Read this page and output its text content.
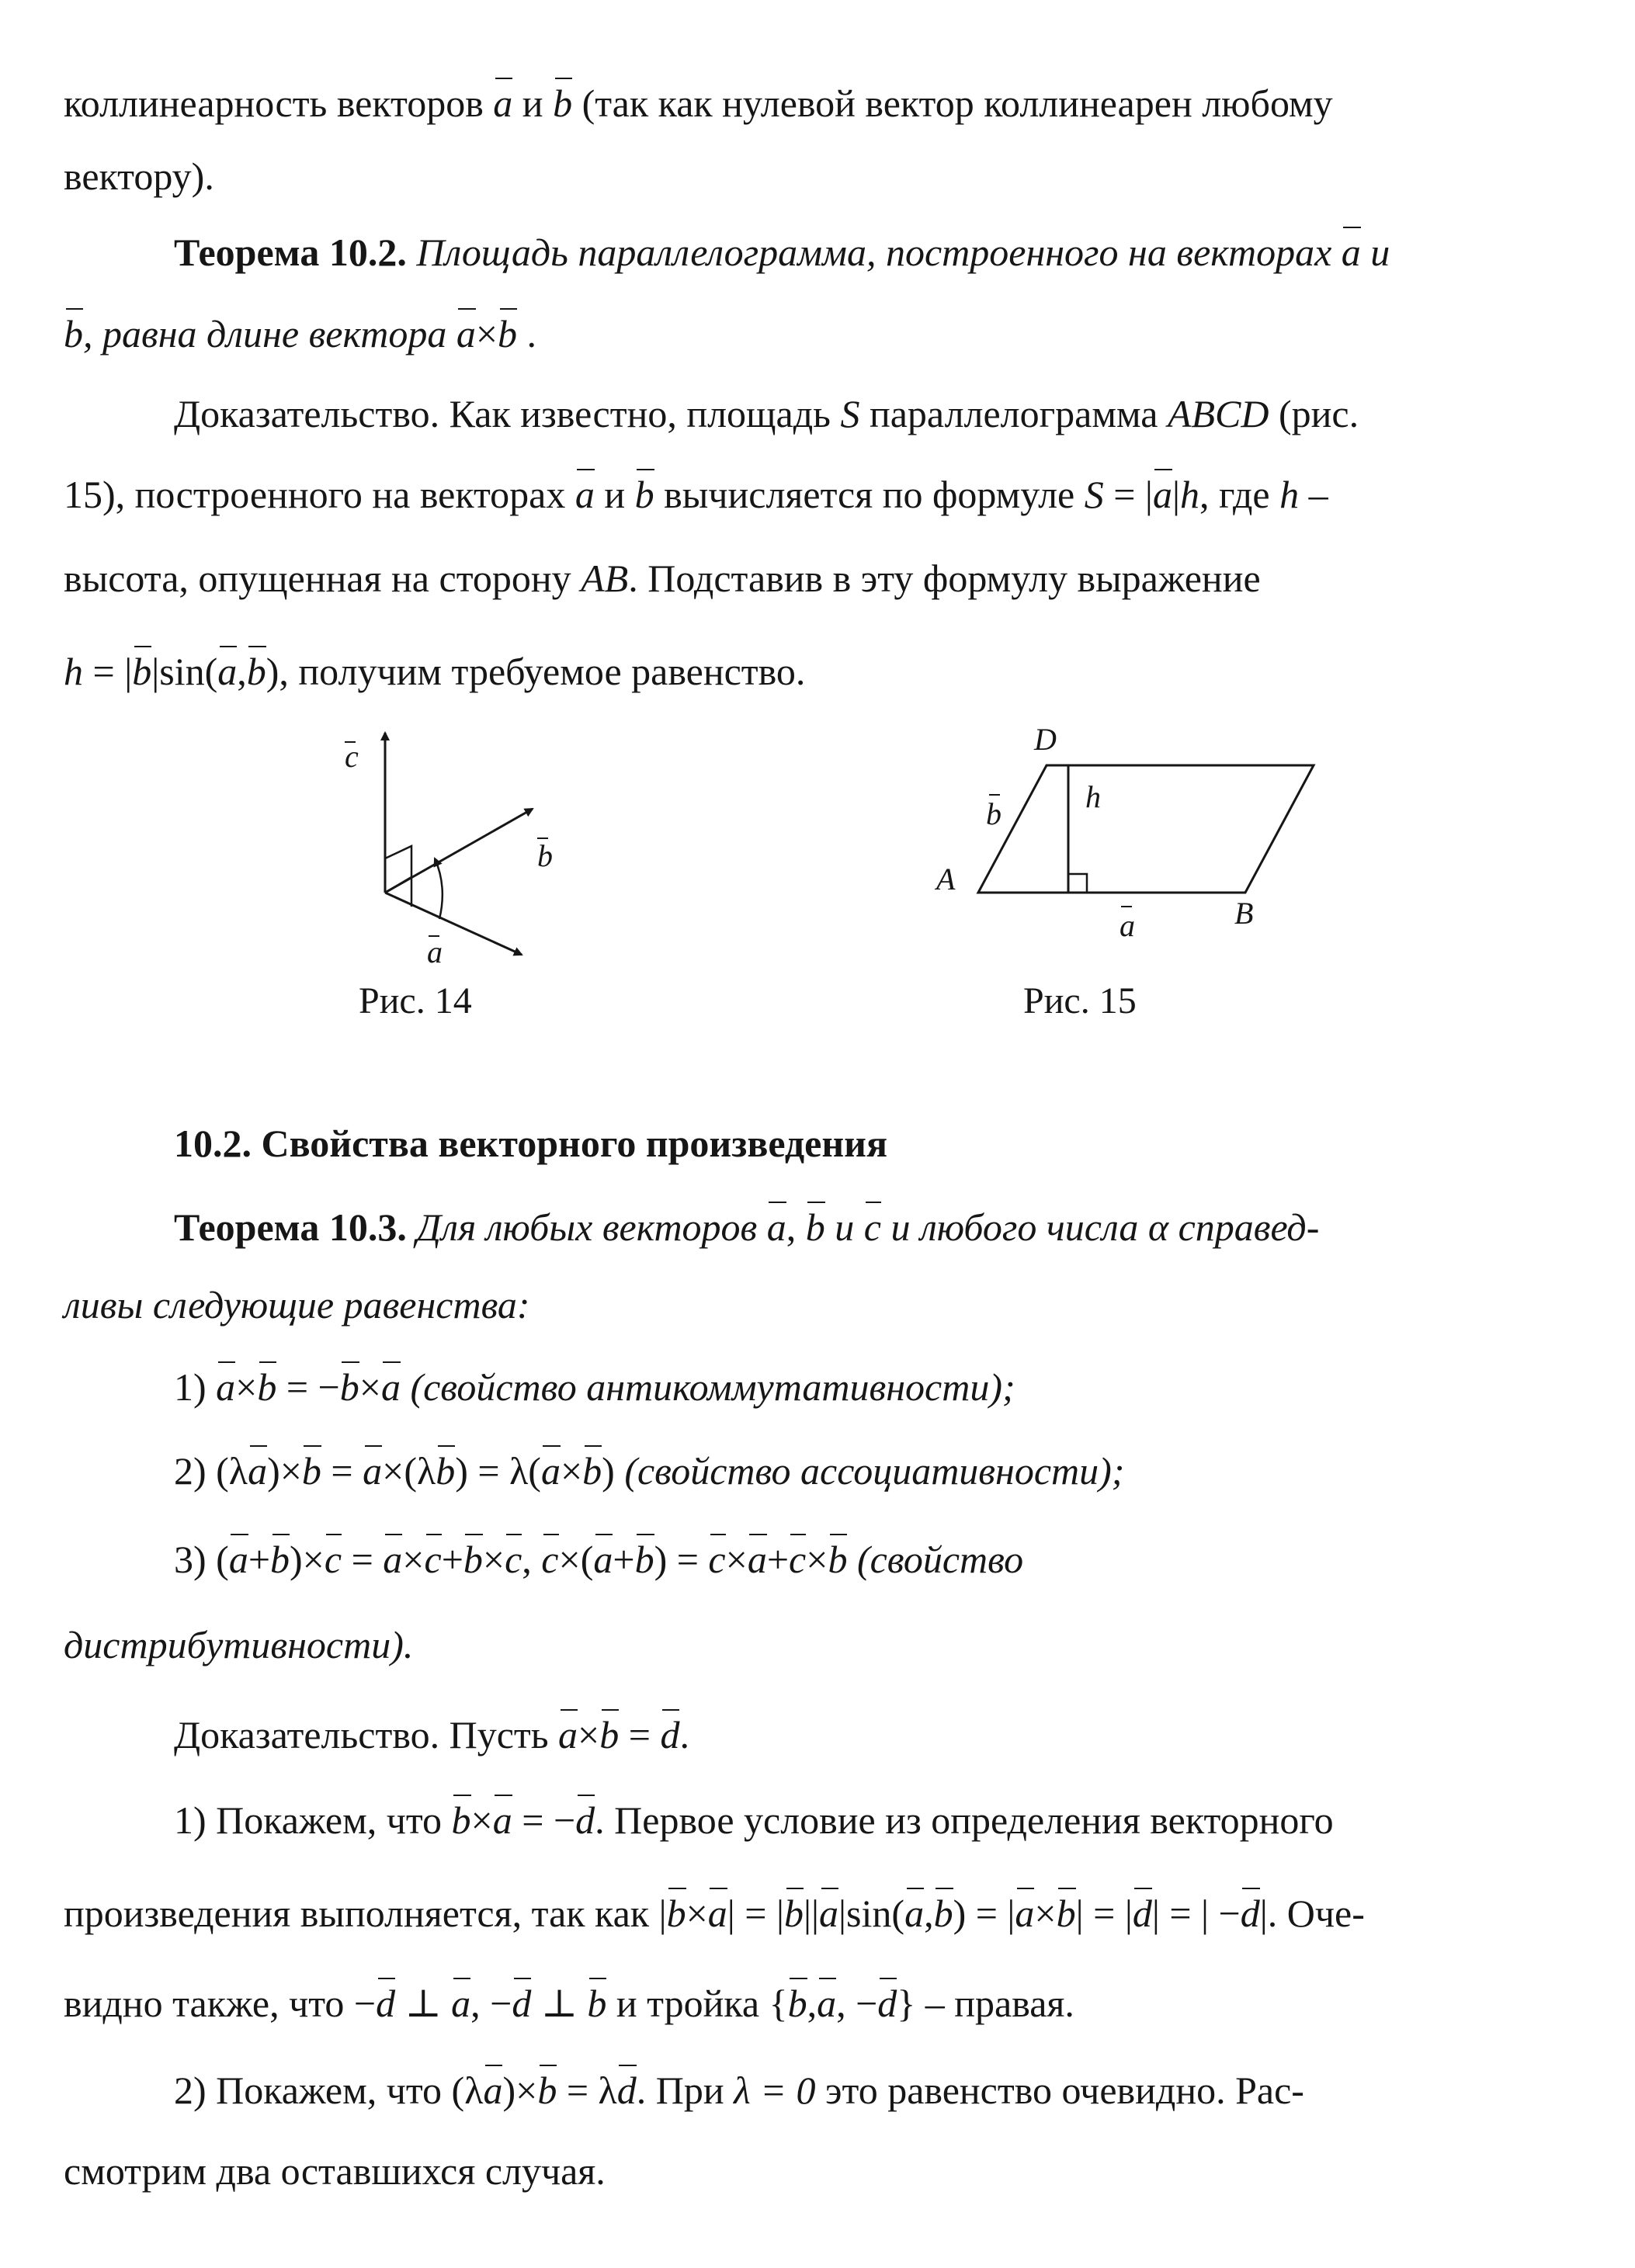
коллинеарность векторов a и b (так как нулевой вектор коллинеарен любому
вектору).
Теорема 10.2. Площадь параллелограмма, построенного на векторах a и
b, равна длине вектора a×b .
Доказательство. Как известно, площадь S параллелограмма ABCD (рис.
15), построенного на векторах a и b вычисляется по формуле S = |a|h, где h –
высота, опущенная на сторону AB. Подставив в эту формулу выражение
h = |b|sin(a,b), получим требуемое равенство.
c
b
a
Рис. 14
D
h
b
A
B
a
Рис. 15
10.2. Свойства векторного произведения
Теорема 10.3. Для любых векторов a, b и c и любого числа α справед-
ливы следующие равенства:
1) a×b = −b×a (свойство антикоммутативности);
2) (λa)×b = a×(λb) = λ(a×b) (свойство ассоциативности);
3) (a+b)×c = a×c+b×c, c×(a+b) = c×a+c×b (свойство
дистрибутивности).
Доказательство. Пусть a×b = d.
1) Покажем, что b×a = −d. Первое условие из определения векторного
произведения выполняется, так как |b×a| = |b||a|sin(a,b) = |a×b| = |d| = | −d|. Оче-
видно также, что −d ⊥ a, −d ⊥ b и тройка {b,a, −d} – правая.
2) Покажем, что (λa)×b = λd. При λ = 0 это равенство очевидно. Рас-
смотрим два оставшихся случая.
